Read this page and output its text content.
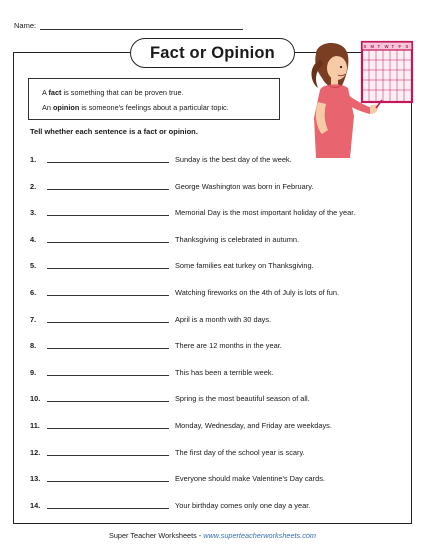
Name:
Fact or Opinion	S M T W T F S
A fact is something that can be proven true.
An opinion is someone's feelings about a particular topic.
Tell whether each sentence is a fact or opinion.
1.	Sunday is the best day of the week.
2.	George Washington was born in February.
3.	Memorial Day is the most important holiday of the year.
4.	Thanksgiving is celebrated in autumn.
5.	Some families eat turkey on Thanksgiving.
6.	Watching fireworks on the 4th of July is lots of fun.
7.	April is a month with 30 days.
8.	There are 12 months in the year.
9.	This has been a terrible week.
10.	Spring is the most beautiful season of all.
11.	Monday, Wednesday, and Friday are weekdays.
12.	The first day of the school year is scary.
13.	Everyone should make Valentine's Day cards.
14.	Your birthday comes only one day a year.
Super Teacher Worksheets - www.superteacherworksheets.com
